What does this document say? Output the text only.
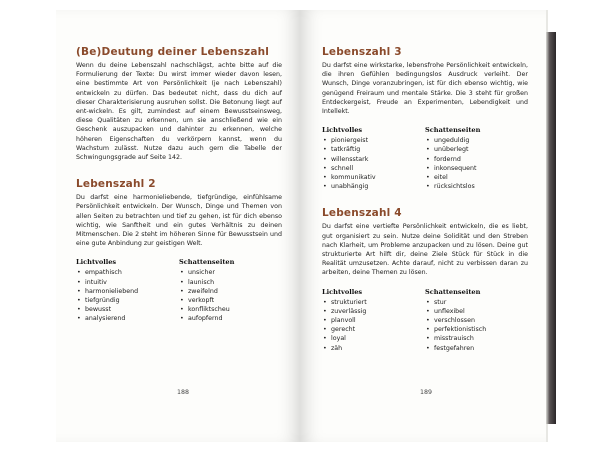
(Be)Deutung deiner Lebenszahl

Wenn du deine Lebenszahl nachschlägst, achte bitte auf die Formulierung der Texte: Du wirst immer wieder davon lesen, eine bestimmte Art von Persönlichkeit (je nach Lebenszahl) entwickeln zu dürfen. Das bedeutet nicht, dass du dich auf dieser Charakterisierung ausruhen sollst. Die Betonung liegt auf ent-wickeln. Es gilt, zumindest auf einem Bewusstseinsweg, diese Qualitäten zu erkennen, um sie anschließend wie ein Geschenk auszupacken und dahinter zu erkennen, welche höheren Eigenschaften du verkörpern kannst, wenn du Wachstum zulässt. Nutze dazu auch gern die Tabelle der Schwingungsgrade auf Seite 142.

Lebenszahl 2

Du darfst eine harmonieliebende, tiefgründige, einfühlsame Persönlichkeit entwickeln. Der Wunsch, Dinge und Themen von allen Seiten zu betrachten und tief zu gehen, ist für dich ebenso wichtig, wie Sanftheit und ein gutes Verhältnis zu deinen Mitmenschen. Die 2 steht im höheren Sinne für Bewusstsein und eine gute Anbindung zur geistigen Welt.

Lichtvolles
• empathisch
• intuitiv
• harmonieliebend
• tiefgründig
• bewusst
• analysierend
Schattenseiten
• unsicher
• launisch
• zweifelnd
• verkopft
• konfliktscheu
• aufopfernd
188
Lebenszahl 3

Du darfst eine wirkstarke, lebensfrohe Persönlichkeit entwickeln, die ihren Gefühlen bedingungslos Ausdruck verleiht. Der Wunsch, Dinge voranzubringen, ist für dich ebenso wichtig, wie genügend Freiraum und mentale Stärke. Die 3 steht für großen Entdeckergeist, Freude an Experimenten, Lebendigkeit und Intellekt.

Lichtvolles
• pioniergeist
• tatkräftig
• willensstark
• schnell
• kommunikativ
• unabhängig
Schattenseiten
• ungeduldig
• unüberlegt
• fordernd
• inkonsequent
• eitel
• rücksichtslos
Lebenszahl 4

Du darfst eine vertiefte Persönlichkeit entwickeln, die es liebt, gut organisiert zu sein. Nutze deine Solidität und den Streben nach Klarheit, um Probleme anzupacken und zu lösen. Deine gut strukturierte Art hilft dir, deine Ziele Stück für Stück in die Realität umzusetzen. Achte darauf, nicht zu verbissen daran zu arbeiten, deine Themen zu lösen.

Lichtvolles
• strukturiert
• zuverlässig
• planvoll
• gerecht
• loyal
• zäh
Schattenseiten
• stur
• unflexibel
• verschlossen
• perfektionistisch
• misstrauisch
• festgefahren
189
